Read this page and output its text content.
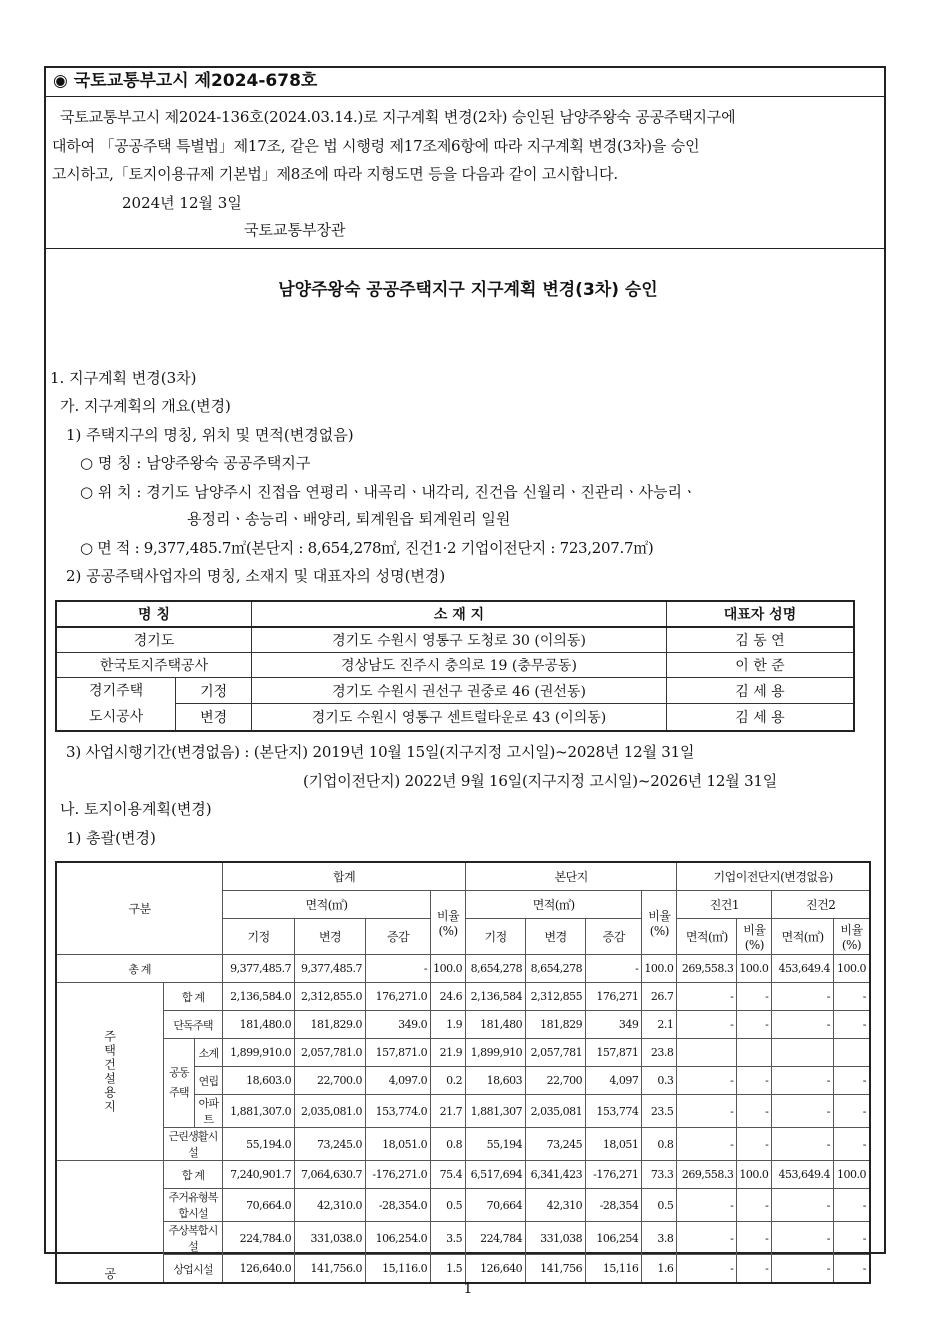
◉ 국토교통부고시 제2024-678호
국토교통부고시 제2024-136호(2024.03.14.)로 지구계획 변경(2차) 승인된 남양주왕숙 공공주택지구에
대하여 「공공주택 특별법」제17조, 같은 법 시행령 제17조제6항에 따라 지구계획 변경(3차)을 승인
고시하고,「토지이용규제 기본법」제8조에 따라 지형도면 등을 다음과 같이 고시합니다.
2024년 12월 3일
국토교통부장관
남양주왕숙 공공주택지구 지구계획 변경(3차) 승인
1. 지구계획 변경(3차)
가. 지구계획의 개요(변경)
1) 주택지구의 명칭, 위치 및 면적(변경없음)
○ 명 칭 : 남양주왕숙 공공주택지구
○ 위 치 : 경기도 남양주시 진접읍 연평리ㆍ내곡리ㆍ내각리, 진건읍 신월리ㆍ진관리ㆍ사능리ㆍ
용정리ㆍ송능리ㆍ배양리, 퇴계원읍 퇴계원리 일원
○ 면 적 : 9,377,485.7㎡(본단지 : 8,654,278㎡, 진건1·2 기업이전단지 : 723,207.7㎡)
2) 공공주택사업자의 명칭, 소재지 및 대표자의 성명(변경)
명 칭		소 재 지	대표자 성명
경기도		경기도 수원시 영통구 도청로 30 (이의동)	김 동 연
한국토지주택공사		경상남도 진주시 충의로 19 (충무공동)	이 한 준
경기주택
도시공사	기정	경기도 수원시 권선구 권중로 46 (권선동)	김 세 용
	변경	경기도 수원시 영통구 센트럴타운로 43 (이의동)	김 세 용
3) 사업시행기간(변경없음) : (본단지) 2019년 10월 15일(지구지정 고시일)~2028년 12월 31일
(기업이전단지) 2022년 9월 16일(지구지정 고시일)~2026년 12월 31일
나. 토지이용계획(변경)
1) 총괄(변경)
구분			합계				본단지				기업이전단지(변경없음)			
			면적(㎡)			비율(%)	면적(㎡)			비율(%)	진건1		진건2	
			기정	변경	증감		기정	변경	증감		면적(㎡)	비율(%)	면적(㎡)	비율(%)
총 계			9,377,485.7	9,377,485.7	-	100.0	8,654,278	8,654,278	-	100.0	269,558.3	100.0	453,649.4	100.0
주택건설용지	합 계		2,136,584.0	2,312,855.0	176,271.0	24.6	2,136,584	2,312,855	176,271	26.7	-	-	-	-
	단독주택		181,480.0	181,829.0	349.0	1.9	181,480	181,829	349	2.1	-	-	-	-
	공동주택	소계	1,899,910.0	2,057,781.0	157,871.0	21.9	1,899,910	2,057,781	157,871	23.8				
		연립	18,603.0	22,700.0	4,097.0	0.2	18,603	22,700	4,097	0.3	-	-	-	-
		아파트	1,881,307.0	2,035,081.0	153,774.0	21.7	1,881,307	2,035,081	153,774	23.5	-	-	-	-
	근린생활시설		55,194.0	73,245.0	18,051.0	0.8	55,194	73,245	18,051	0.8	-	-	-	-
공	합 계		7,240,901.7	7,064,630.7	-176,271.0	75.4	6,517,694	6,341,423	-176,271	73.3	269,558.3	100.0	453,649.4	100.0
	주거유형복합시설		70,664.0	42,310.0	-28,354.0	0.5	70,664	42,310	-28,354	0.5	-	-	-	-
	주상복합시설		224,784.0	331,038.0	106,254.0	3.5	224,784	331,038	106,254	3.8	-	-	-	-
	상업시설		126,640.0	141,756.0	15,116.0	1.5	126,640	141,756	15,116	1.6	-	-	-	-
1
